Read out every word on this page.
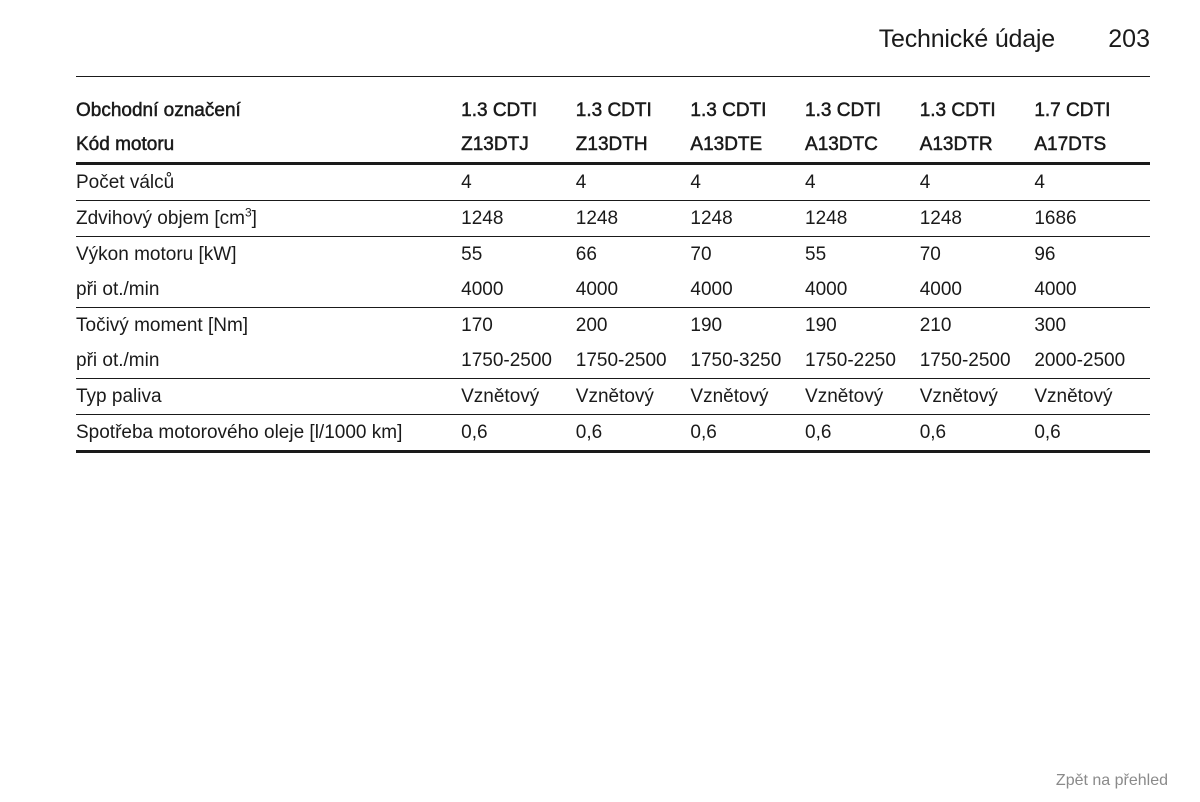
Technické údaje 203
Obchodní označení	1.3 CDTI	1.3 CDTI	1.3 CDTI	1.3 CDTI	1.3 CDTI	1.7 CDTI
Kód motoru	Z13DTJ	Z13DTH	A13DTE	A13DTC	A13DTR	A17DTS
Počet válců	4	4	4	4	4	4
Zdvihový objem $[cm^3]$	1248	1248	1248	1248	1248	1686
Výkon motoru [kW]	55	66	70	55	70	96
při ot./min	4000	4000	4000	4000	4000	4000
Točivý moment [Nm]	170	200	190	190	210	300
při ot./min	1750-2500	1750-2500	1750-3250	1750-2250	1750-2500	2000-2500
Typ paliva	Vznětový	Vznětový	Vznětový	Vznětový	Vznětový	Vznětový
Spotřeba motorového oleje [l/1000 km]	0,6	0,6	0,6	0,6	0,6	0,6
Zpět na přehled
